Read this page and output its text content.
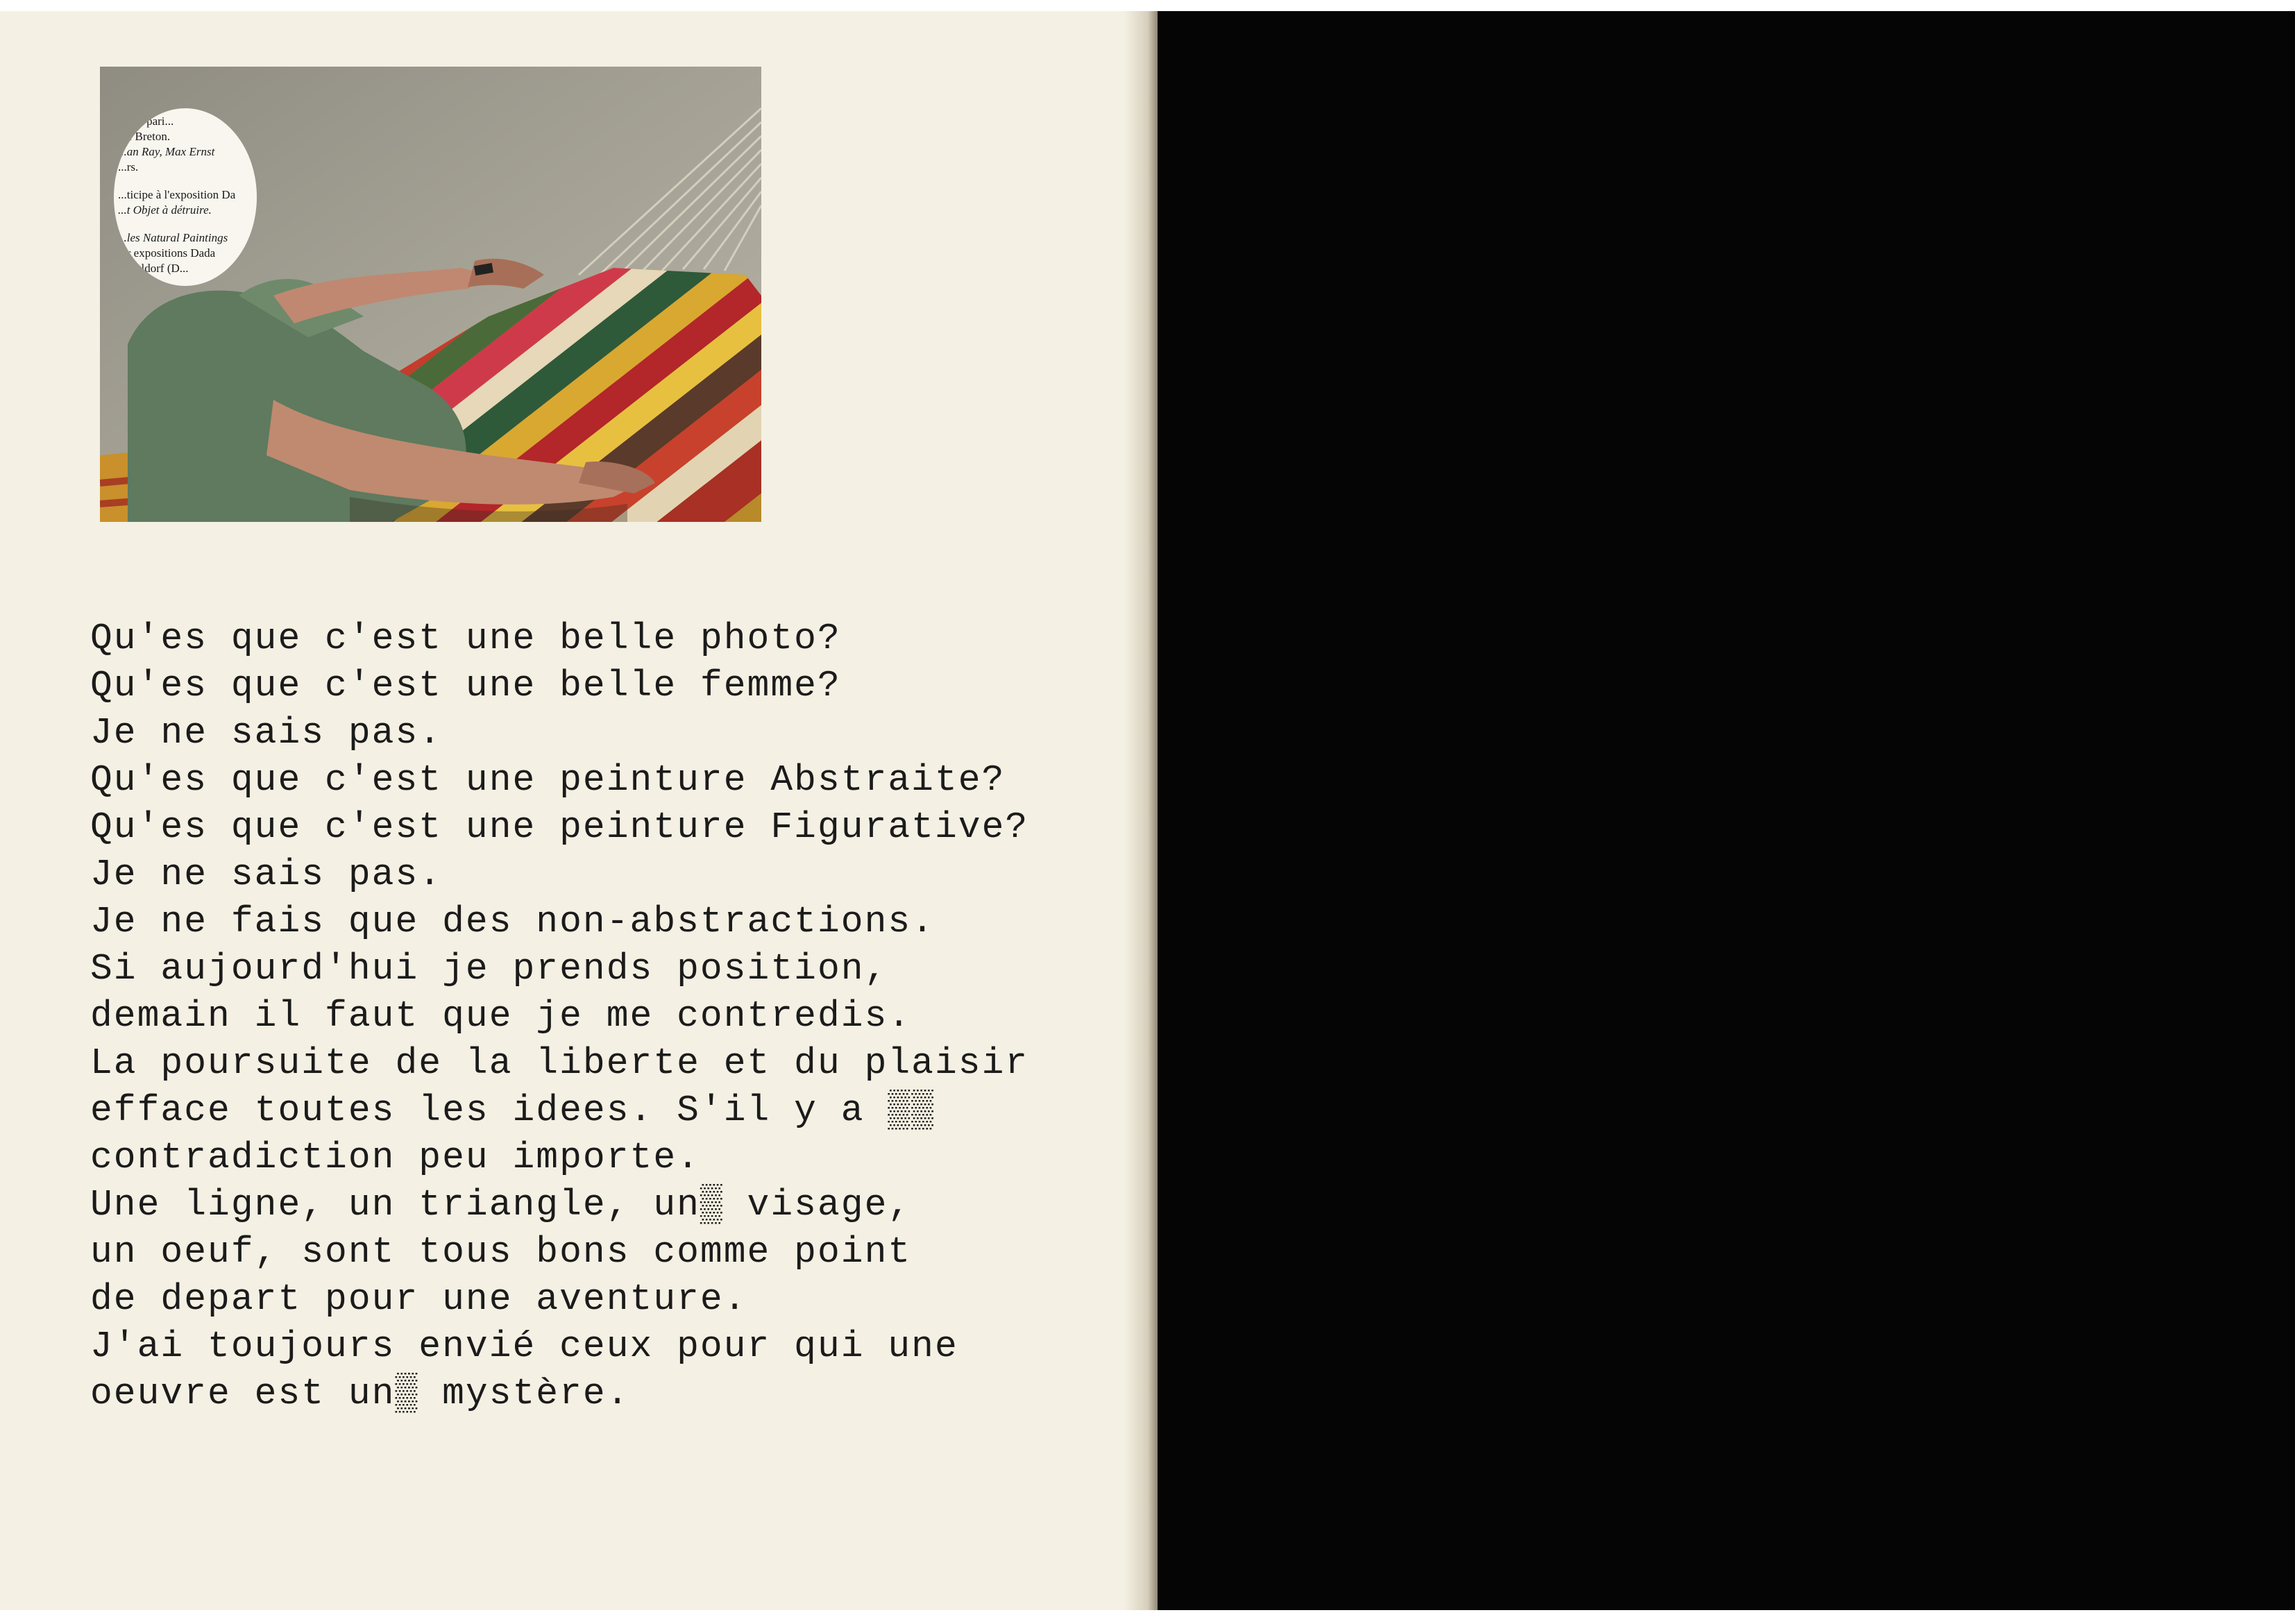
...res, pari...
...e Breton.
...an Ray, Max Ernst
...rs.
...ticipe à l'exposition Da
...t Objet à détruire.
...les Natural Paintings
...r expositions Dada
...sseldorf (D...
Qu'es que c'est une belle photo?
Qu'es que c'est une belle femme?
Je ne sais pas.
Qu'es que c'est une peinture Abstraite?
Qu'es que c'est une peinture Figurative?
Je ne sais pas.
Je ne fais que des non-abstractions.
Si aujourd'hui je prends position,
demain il faut que je me contredis.
La poursuite de la liberte et du plaisir
efface toutes les idees. S'il y a ▒▒
contradiction peu importe.
Une ligne, un triangle, un▒ visage,
un oeuf, sont tous bons comme point
de depart pour une aventure.
J'ai toujours envié ceux pour qui une
oeuvre est un▒ mystère.
